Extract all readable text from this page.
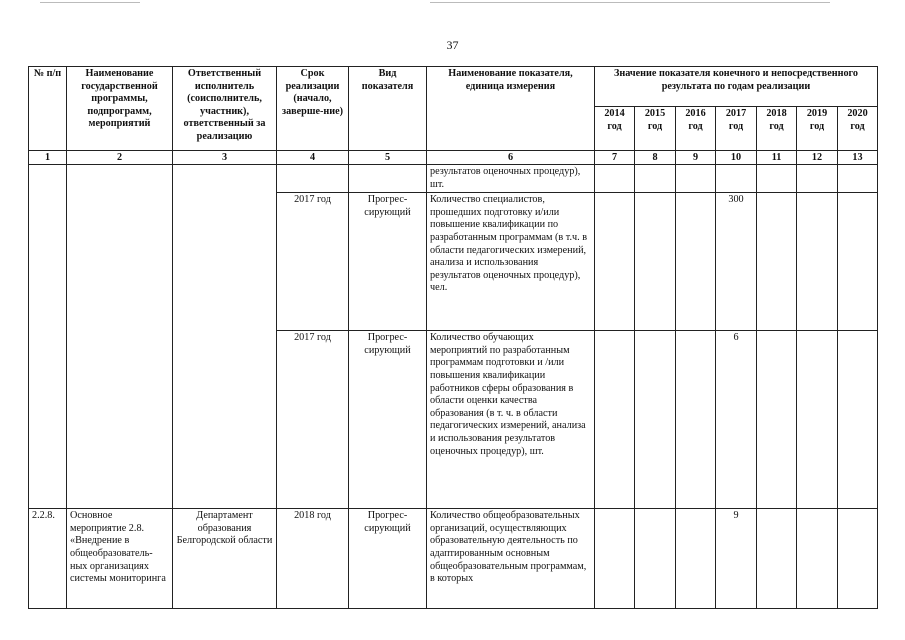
37
№ п/п	Наименование государственной программы, подпрограмм, мероприятий	Ответственный исполнитель (соисполнитель, участник), ответственный за реализацию	Срок реализации (начало, заверше-ние)	Вид показателя	Наименование показателя, единица измерения	Значение показателя конечного и непосредственного результата по годам реализации						
						2014 год	2015 год	2016 год	2017 год	2018 год	2019 год	2020 год
1	2	3	4	5	6	7	8	9	10	11	12	13
					результатов оценочных процедур), шт.							
			2017 год	Прогрес-сирующий	Количество специалистов, прошедших подготовку и/или повышение квалификации по разработанным программам (в т.ч. в области педагогических измерений, анализа и использования результатов оценочных процедур), чел.				300			
			2017 год	Прогрес-сирующий	Количество обучающих мероприятий по разработанным программам подготовки и /или повышения квалификации работников сферы образования в области оценки качества образования (в т. ч. в области педагогических измерений, анализа и использования результатов оценочных процедур), шт.				6			
2.2.8.	Основное мероприятие 2.8. «Внедрение в общеобразователь-ных организациях системы мониторинга	Департамент образования Белгородской области	2018 год	Прогрес-сирующий	Количество общеобразовательных организаций, осуществляющих образовательную деятельность по адаптированным основным общеобразовательным программам, в которых				9			
